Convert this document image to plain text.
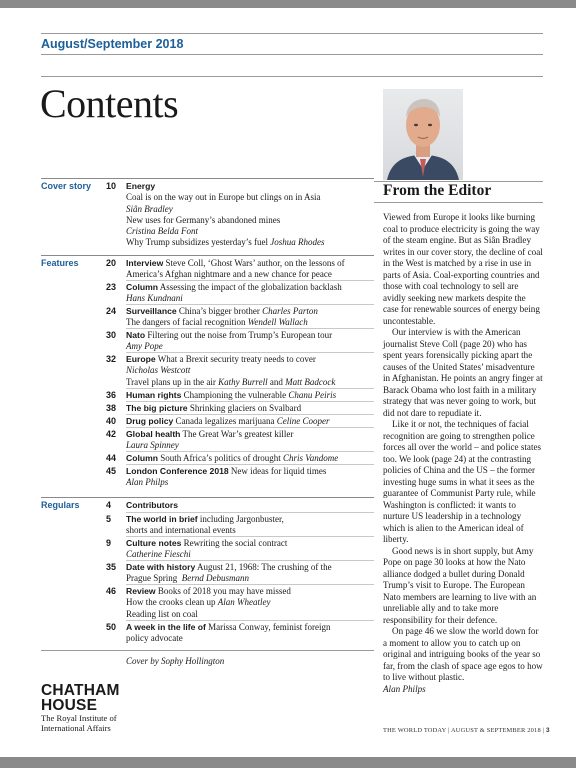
August/September 2018
Contents
From the Editor

Viewed from Europe it looks like burning coal to produce electricity is going the way of the steam engine. But as Siân Bradley writes in our cover story, the decline of coal in the West is matched by a rise in use in parts of Asia. Coal-exporting countries and those with coal technology to sell are avidly seeking new markets despite the case for renewable sources of energy being uncontestable.

Our interview is with the American journalist Steve Coll (page 20) who has spent years forensically picking apart the causes of the United States’ misadventure in Afghanistan. He points an angry finger at Barack Obama who lost faith in a military strategy that was never going to work, but did not dare to repudiate it.

Like it or not, the techniques of facial recognition are going to strengthen police forces all over the world – and police states too. We look (page 24) at the contrasting policies of China and the US – the former investing huge sums in what it sees as the guarantee of Communist Party rule, while Washington is conflicted: it wants to nurture US leadership in a technology which is alien to the American ideal of liberty.

Good news is in short supply, but Amy Pope on page 30 looks at how the Nato alliance dodged a bullet during Donald Trump’s visit to Europe. The European Nato members are learning to live with an unreliable ally and to take more responsibility for their defence.

On page 46 we slow the world down for a moment to allow you to catch up on original and intriguing books of the year so far, from the clash of space age egos to how to live without plastic.

Alan Philps
Cover story 10 Energy
Coal is on the way out in Europe but clings on in Asia
Siân Bradley
New uses for Germany’s abandoned mines
Cristina Belda Font
Why Trump subsidizes yesterday’s fuel Joshua Rhodes
Features	20 Interview Steve Coll, ‘Ghost Wars’ author, on the lessons of America’s Afghan nightmare and a new chance for peace
23 Column Assessing the impact of the globalization backlash
Hans Kundnani
24 Surveillance China’s bigger brother Charles Parton
The dangers of facial recognition Wendell Wallach
30 Nato Filtering out the noise from Trump’s European tour
Amy Pope
32 Europe What a Brexit security treaty needs to cover
Nicholas Westcott
Travel plans up in the air Kathy Burrell and Matt Badcock
36 Human rights Championing the vulnerable Chanu Peiris
38 The big picture Shrinking glaciers on Svalbard
40 Drug policy Canada legalizes marijuana Celine Cooper
42 Global health The Great War’s greatest killer
Laura Spinney
44 Column South Africa’s politics of drought Chris Vandome
45 London Conference 2018 New ideas for liquid times
Alan Philps
Regulars	4 Contributors
5 The world in brief including Jargonbuster,
shorts and international events
9 Culture notes Rewriting the social contract
Catherine Fieschi
35 Date with history August 21, 1968: The crushing of the
Prague Spring Bernd Debusmann
46 Review Books of 2018 you may have missed
How the crooks clean up Alan Wheatley
Reading list on coal
50 A week in the life of Marissa Conway, feminist foreign
policy advocate
Cover by Sophy Hollington
CHATHAM
HOUSE
The Royal Institute of
International Affairs	THE WORLD TODAY | AUGUST & SEPTEMBER 2018 | 3
